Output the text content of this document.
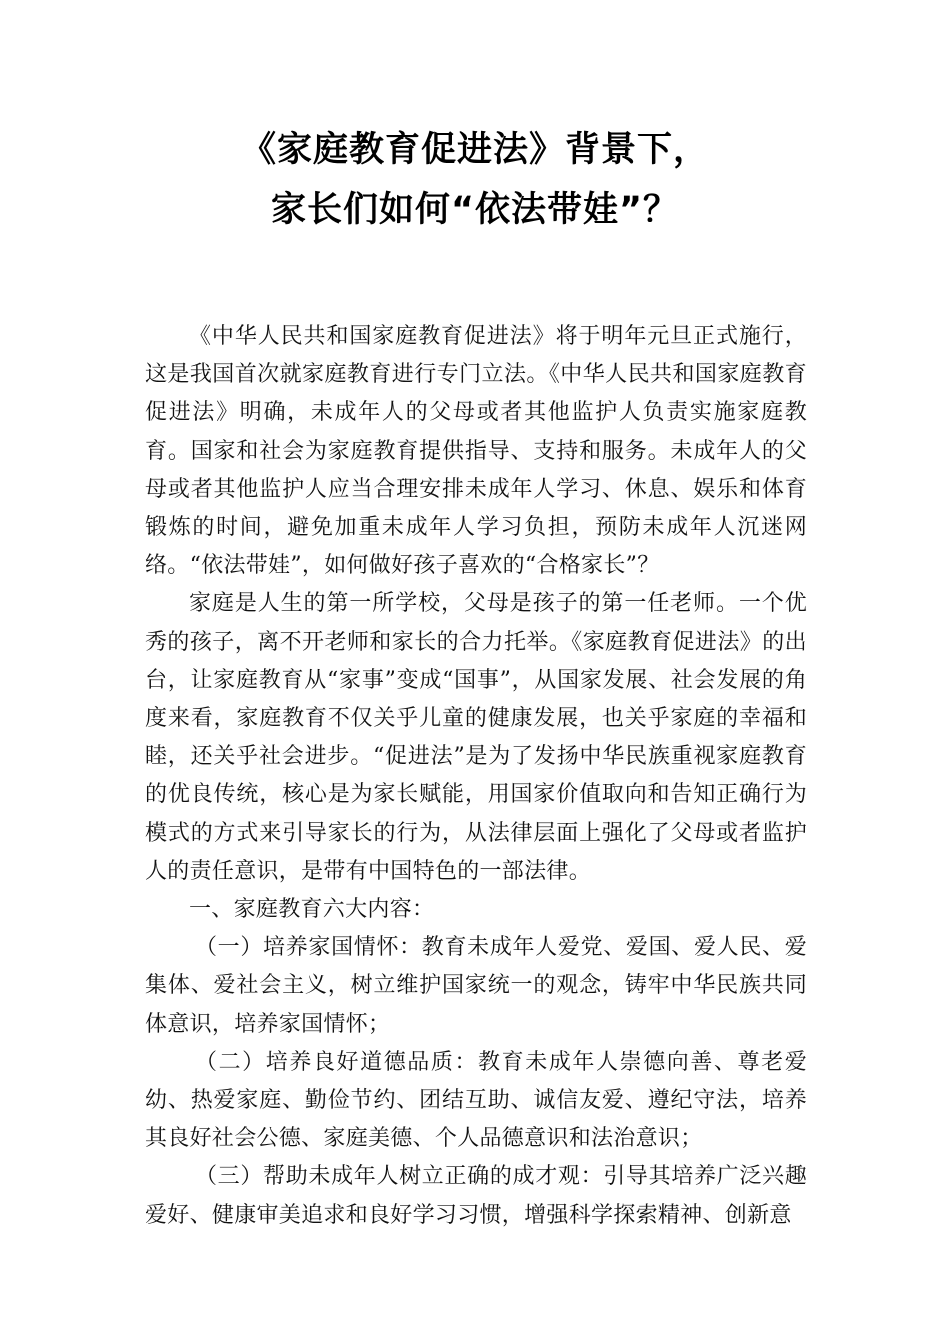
《家庭教育促进法》背景下，
家长们如何“依法带娃”？

《中华人民共和国家庭教育促进法》将于明年元旦正式施行，这是我国首次就家庭教育进行专门立法。《中华人民共和国家庭教育促进法》明确，未成年人的父母或者其他监护人负责实施家庭教育。国家和社会为家庭教育提供指导、支持和服务。未成年人的父母或者其他监护人应当合理安排未成年人学习、休息、娱乐和体育锻炼的时间，避免加重未成年人学习负担，预防未成年人沉迷网络。“依法带娃”，如何做好孩子喜欢的“合格家长”？

家庭是人生的第一所学校，父母是孩子的第一任老师。一个优秀的孩子，离不开老师和家长的合力托举。《家庭教育促进法》的出台，让家庭教育从“家事”变成“国事”，从国家发展、社会发展的角度来看，家庭教育不仅关乎儿童的健康发展，也关乎家庭的幸福和睦，还关乎社会进步。“促进法”是为了发扬中华民族重视家庭教育的优良传统，核心是为家长赋能，用国家价值取向和告知正确行为模式的方式来引导家长的行为，从法律层面上强化了父母或者监护人的责任意识，是带有中国特色的一部法律。

一、家庭教育六大内容：

（一）培养家国情怀：教育未成年人爱党、爱国、爱人民、爱集体、爱社会主义，树立维护国家统一的观念，铸牢中华民族共同体意识，培养家国情怀；

（二）培养良好道德品质：教育未成年人崇德向善、尊老爱幼、热爱家庭、勤俭节约、团结互助、诚信友爱、遵纪守法，培养其良好社会公德、家庭美德、个人品德意识和法治意识；

（三）帮助未成年人树立正确的成才观：引导其培养广泛兴趣爱好、健康审美追求和良好学习习惯，增强科学探索精神、创新意
